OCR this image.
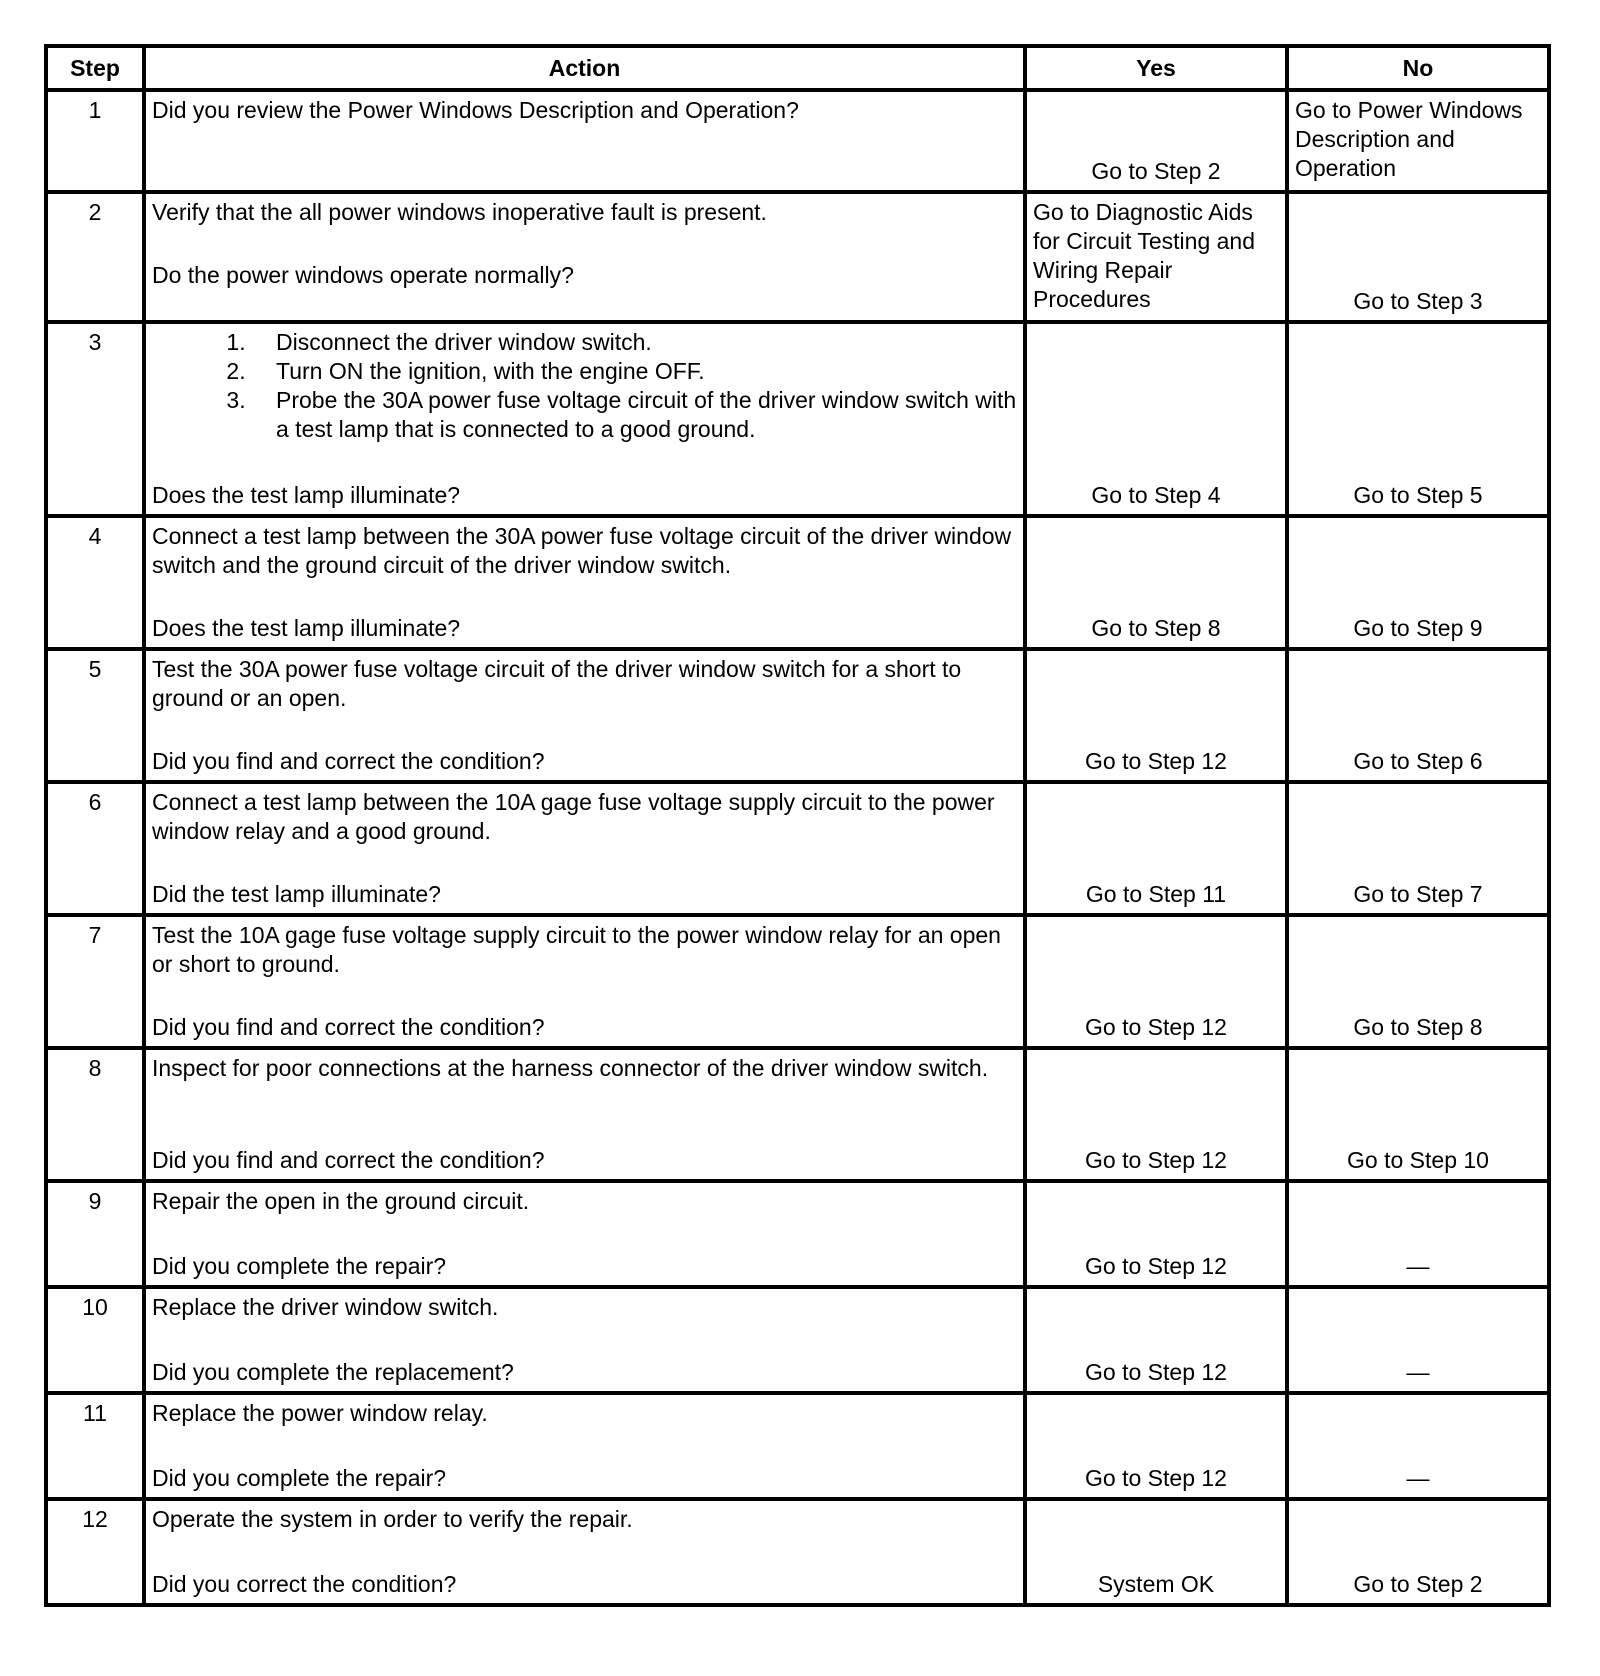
Step	Action	Yes	No
1	Did you review the Power Windows Description and Operation?	Go to Step 2	Go to Power Windows Description and Operation

2	Verify that the all power windows inoperative fault is present.
Do the power windows operate normally?	Go to Diagnostic Aids for Circuit Testing and Wiring Repair Procedures	Go to Step 3

3	
1.Disconnect the driver window switch.
2. Turn ON the ignition, with the engine OFF.
3. Probe the 30A power fuse voltage circuit of the driver window switch with a test lamp that is connected to a good ground.
Does the test lamp illuminate?	Go to Step 4	Go to Step 5

4	Connect a test lamp between the 30A power fuse voltage circuit of the driver window switch and the ground circuit of the driver window switch.
Does the test lamp illuminate?	Go to Step 8	Go to Step 9

5	Test the 30A power fuse voltage circuit of the driver window switch for a short to ground or an open.
Did you find and correct the condition?	Go to Step 12	Go to Step 6

6	Connect a test lamp between the 10A gage fuse voltage supply circuit to the power window relay and a good ground.
Did the test lamp illuminate?	Go to Step 11	Go to Step 7

7	Test the 10A gage fuse voltage supply circuit to the power window relay for an open or short to ground.
Did you find and correct the condition?	Go to Step 12	Go to Step 8

8	Inspect for poor connections at the harness connector of the driver window switch.
Did you find and correct the condition?	Go to Step 12	Go to Step 10

9	Repair the open in the ground circuit.
Did you complete the repair?	Go to Step 12	—

10	Replace the driver window switch.
Did you complete the replacement?	Go to Step 12	—

11	Replace the power window relay.
Did you complete the repair?	Go to Step 12	—

12	Operate the system in order to verify the repair.
Did you correct the condition?	System OK	Go to Step 2
